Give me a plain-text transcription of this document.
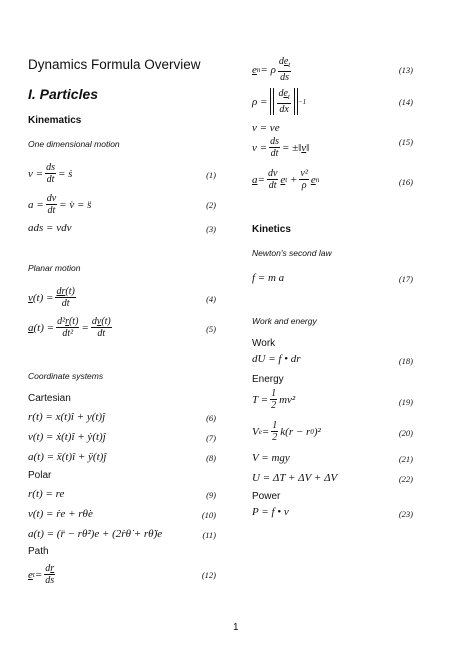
Dynamics Formula Overview
I. Particles
Kinematics
One dimensional motion
$v = \frac{ds}{dt}$ = ṡ	(1)
$a = \frac{dv}{dt}$ = v̇ = s̈	(2)
ads = vdv	(3)
Planar motion
v $(t) = \frac{dr(t)}{dt}$	(4)
a $(t) = \frac{\text{d²r(t)}}{\text{dt²}} = \frac{dv(t)}{dt}$	(5)
Coordinate systems
Cartesian
r(t) = x(t)î + y(t)ĵ	(6)
v(t) = ẋ(t)î + ẏ(t)ĵ	(7)
a(t) = ẍ(t)î + ÿ(t)ĵ	(8)
Polar
r(t) = re	(9)
v(t) = ṙe + rθ̇e	(10)
a(t) = (r̈ − rθ̇²)e + (2ṙθ̇ + rθ̈)e	(11)
Path
e $t = \frac{dr}{ds}$	(12)
e n = ρ $\frac{de_t}{ds}$	(13)
$\rho = \frac{de_t}{dx} -1$	(14)
v = ve
$v = \frac{ds}{dt}$ = ±‖ v ‖	(15)
$a = \frac{dv}{dt}$ e $t + \frac{\text{v²}}{\rho}$ e n	(16)
Kinetics
Newton's second law
f = m a	(17)
Work and energy
Work
dU = f • dr	(18)
Energy
$T = \frac{1}{2} mv^2$	(19)
V $e = \frac{1}{2} k(r - r$ 0 )²	(20)
V = mgy	(21)
U = ΔT + ΔV + ΔV	(22)
Power
P = f • v	(23)
1
